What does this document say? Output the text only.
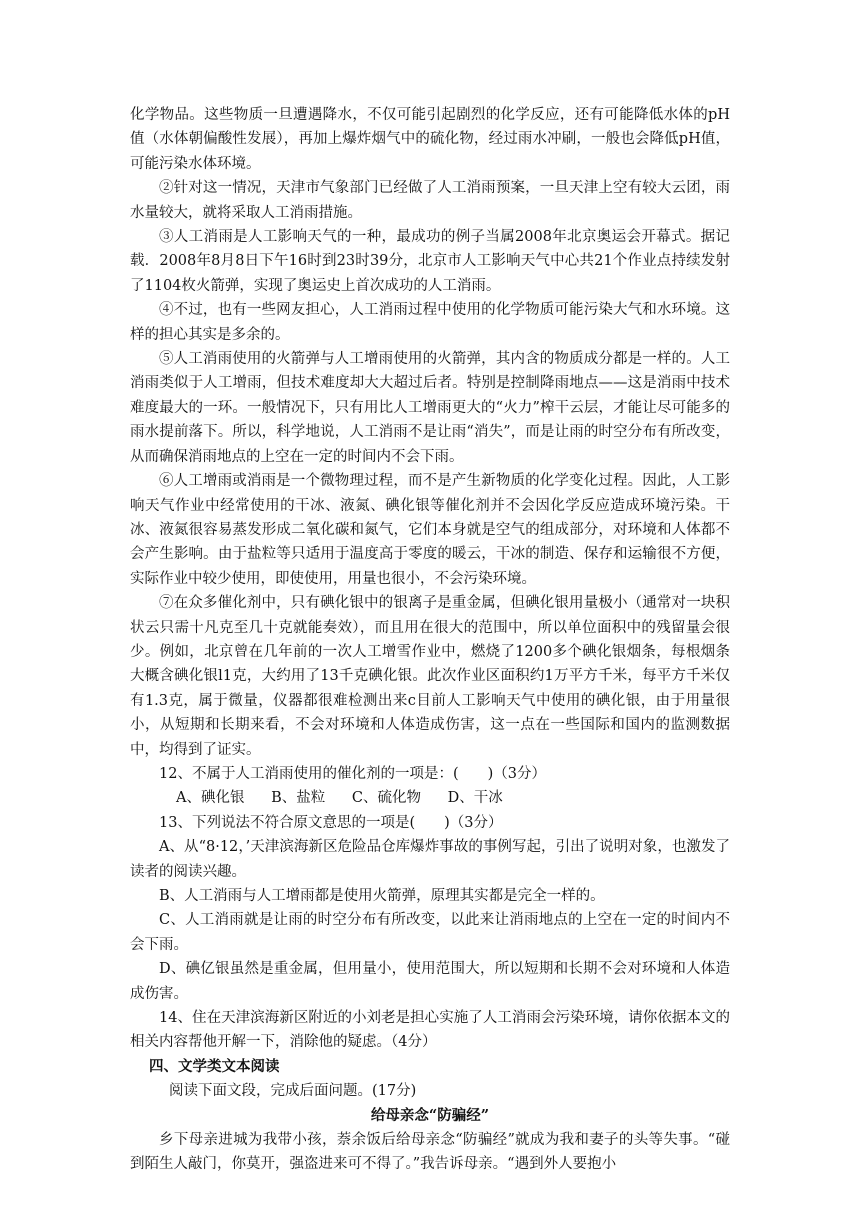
化学物品。这些物质一旦遭遇降水，不仅可能引起剧烈的化学反应，还有可能降低水体的pH值（水体朝偏酸性发展），再加上爆炸烟气中的硫化物，经过雨水冲刷，一般也会降低pH值，可能污染水体环境。

②针对这一情况，天津市气象部门已经做了人工消雨预案，一旦天津上空有较大云团，雨水量较大，就将采取人工消雨措施。

③人工消雨是人工影响天气的一种，最成功的例子当属2008年北京奥运会开幕式。据记载．2008年8月8日下午16时到23时39分，北京市人工影响天气中心共21个作业点持续发射了1104枚火箭弹，实现了奥运史上首次成功的人工消雨。

④不过，也有一些网友担心，人工消雨过程中使用的化学物质可能污染大气和水环境。这样的担心其实是多余的。

⑤人工消雨使用的火箭弹与人工增雨使用的火箭弹，其内含的物质成分都是一样的。人工消雨类似于人工增雨，但技术难度却大大超过后者。特别是控制降雨地点——这是消雨中技术难度最大的一环。一般情况下，只有用比人工增雨更大的“火力”榨干云层，才能让尽可能多的雨水提前落下。所以，科学地说，人工消雨不是让雨“消失”，而是让雨的时空分布有所改变，从而确保消雨地点的上空在一定的时间内不会下雨。

⑥人工增雨或消雨是一个微物理过程，而不是产生新物质的化学变化过程。因此，人工影响天气作业中经常使用的干冰、液氮、碘化银等催化剂并不会因化学反应造成环境污染。干冰、液氮很容易蒸发形成二氧化碳和氮气，它们本身就是空气的组成部分，对环境和人体都不会产生影响。由于盐粒等只适用于温度高于零度的暖云，干冰的制造、保存和运输很不方便，实际作业中较少使用，即使使用，用量也很小，不会污染环境。

⑦在众多催化剂中，只有碘化银中的银离子是重金属，但碘化银用量极小（通常对一块积状云只需十凡克至几十克就能奏效），而且用在很大的范围中，所以单位面积中的残留量会很少。例如，北京曾在几年前的一次人工增雪作业中，燃烧了1200多个碘化银烟条，每根烟条大概含碘化银l1克，大约用了13千克碘化银。此次作业区面积约1万平方千米，每平方千米仅有1.3克，属于微量，仪器都很难检测出来c目前人工影响天气中使用的碘化银，由于用量很小，从短期和长期来看，不会对环境和人体造成伤害，这一点在一些国际和国内的监测数据中，均得到了证实。

12、不属于人工消雨使用的催化剂的一项是：(　　)（3分）

A、碘化银 B、盐粒 C、硫化物 D、干冰

13、下列说法不符合原文意思的一项是(　　)（3分）

A、从“8·12，’天津滨海新区危险品仓库爆炸事故的事例写起，引出了说明对象，也激发了读者的阅读兴趣。

B、人工消雨与人工增雨都是使用火箭弹，原理其实都是完全一样的。

C、人工消雨就是让雨的时空分布有所改变，以此来让消雨地点的上空在一定的时间内不会下雨。

D、碘亿银虽然是重金属，但用量小，使用范围大，所以短期和长期不会对环境和人体造成伤害。

14、住在天津滨海新区附近的小刘老是担心实施了人工消雨会污染环境，请你依据本文的相关内容帮他开解一下，消除他的疑虑。（4分）

四、文学类文本阅读

阅读下面文段，完成后面问题。(17分)

给母亲念“防骗经”

乡下母亲进城为我带小孩，萘余饭后给母亲念“防骗经”就成为我和妻子的头等失事。“碰到陌生人敲门，你莫开，强盗进来可不得了。”我告诉母亲。“遇到外人要抱小
